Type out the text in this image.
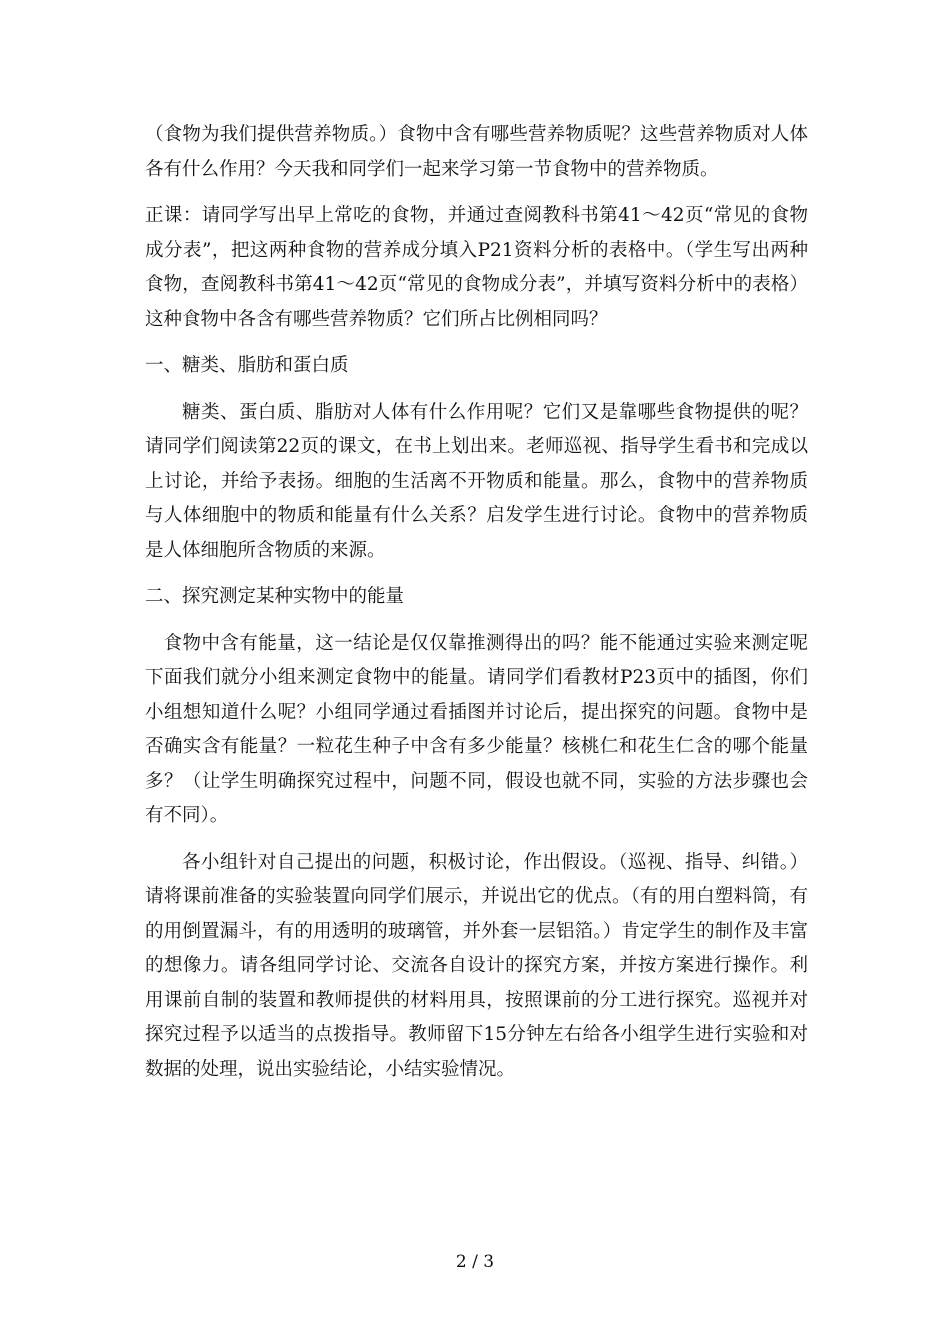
（食物为我们提供营养物质。）食物中含有哪些营养物质呢？这些营养物质对人体各有什么作用？今天我和同学们一起来学习第一节食物中的营养物质。

正课：请同学写出早上常吃的食物，并通过查阅教科书第41～42页“常见的食物成分表”，把这两种食物的营养成分填入P21资料分析的表格中。（学生写出两种食物，查阅教科书第41～42页“常见的食物成分表”，并填写资料分析中的表格）这种食物中各含有哪些营养物质？它们所占比例相同吗？

一、糖类、脂肪和蛋白质

糖类、蛋白质、脂肪对人体有什么作用呢？它们又是靠哪些食物提供的呢？请同学们阅读第22页的课文，在书上划出来。老师巡视、指导学生看书和完成以上讨论，并给予表扬。细胞的生活离不开物质和能量。那么，食物中的营养物质与人体细胞中的物质和能量有什么关系？启发学生进行讨论。食物中的营养物质是人体细胞所含物质的来源。

二、探究测定某种实物中的能量

食物中含有能量，这一结论是仅仅靠推测得出的吗？能不能通过实验来测定呢下面我们就分小组来测定食物中的能量。请同学们看教材P23页中的插图，你们小组想知道什么呢？小组同学通过看插图并讨论后，提出探究的问题。食物中是否确实含有能量？一粒花生种子中含有多少能量？核桃仁和花生仁含的哪个能量多？（让学生明确探究过程中，问题不同，假设也就不同，实验的方法步骤也会有不同）。

各小组针对自己提出的问题，积极讨论，作出假设。（巡视、指导、纠错。）请将课前准备的实验装置向同学们展示，并说出它的优点。（有的用白塑料筒，有的用倒置漏斗，有的用透明的玻璃管，并外套一层铝箔。）肯定学生的制作及丰富的想像力。请各组同学讨论、交流各自设计的探究方案，并按方案进行操作。利用课前自制的装置和教师提供的材料用具，按照课前的分工进行探究。巡视并对探究过程予以适当的点拨指导。教师留下15分钟左右给各小组学生进行实验和对数据的处理，说出实验结论，小结实验情况。

2 / 3
